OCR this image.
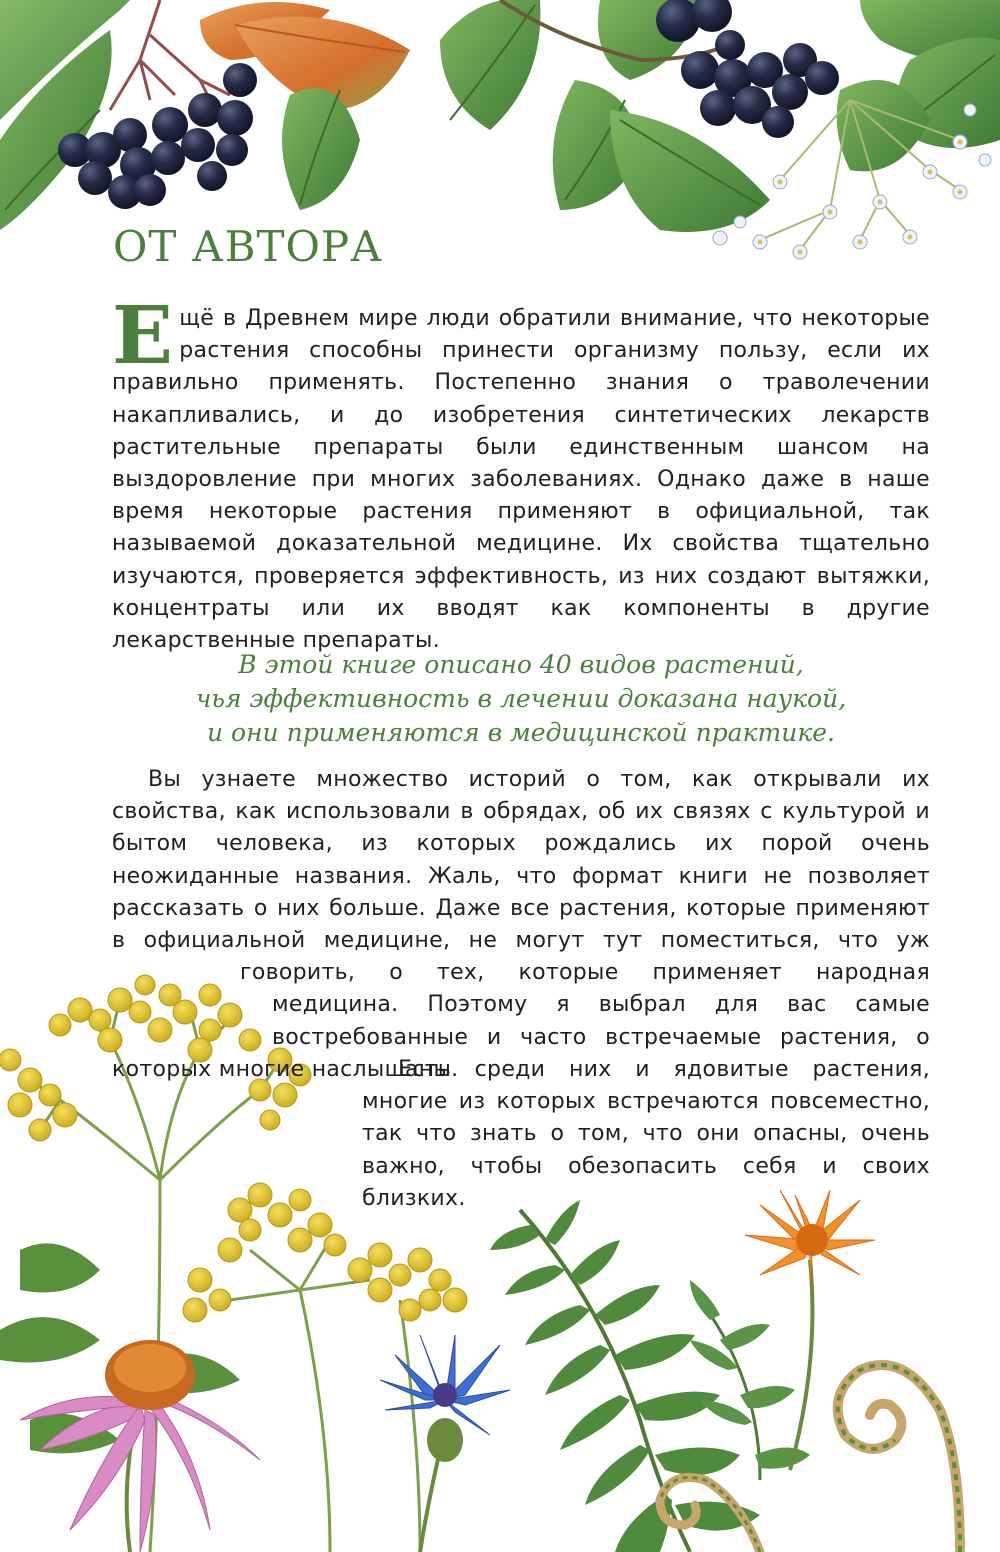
ОТ АВТОРА
Е щё в Древнем мире люди обратили внимание, что некоторые растения способны принести организму пользу, если их правильно применять. Постепенно знания о траволечении накапливались, и до изобретения синтетических лекарств растительные препараты были единственным шансом на выздоровление при многих заболеваниях. Однако даже в наше время некоторые растения применяют в официальной, так называемой доказательной медицине. Их свойства тщательно изучаются, проверяется эффективность, из них создают вытяжки, концентраты или их вводят как компоненты в другие лекарственные препараты.
В этой книге описано 40 видов растений,
чья эффективность в лечении доказана наукой,
и они применяются в медицинской практике.

Вы узнаете множество историй о том, как открывали их свойства, как использовали в обрядах, об их связях с культурой и бытом человека, из которых рождались их порой очень неожиданные названия. Жаль, что формат книги не позволяет рассказать о них больше. Даже все растения, которые применяют в официальной медицине, не могут тут поместиться, что уж говорить, о тех, которые применяет народная медицина. Поэтому я выбрал для вас самые востребованные и часто встречаемые растения, о которых многие наслышаны.

Есть среди них и ядовитые растения, многие из которых встречаются повсеместно, так что знать о том, что они опасны, очень важно, чтобы обезопасить себя и своих близких.
